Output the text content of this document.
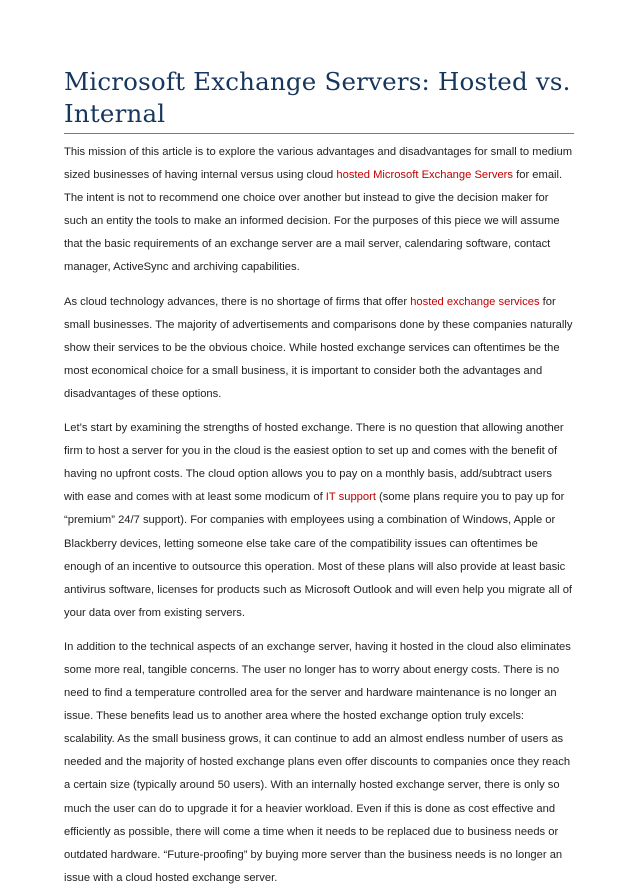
Microsoft Exchange Servers: Hosted vs. Internal

This mission of this article is to explore the various advantages and disadvantages for small to medium sized businesses of having internal versus using cloud hosted Microsoft Exchange Servers for email. The intent is not to recommend one choice over another but instead to give the decision maker for such an entity the tools to make an informed decision. For the purposes of this piece we will assume that the basic requirements of an exchange server are a mail server, calendaring software, contact manager, ActiveSync and archiving capabilities.

As cloud technology advances, there is no shortage of firms that offer hosted exchange services for small businesses. The majority of advertisements and comparisons done by these companies naturally show their services to be the obvious choice. While hosted exchange services can oftentimes be the most economical choice for a small business, it is important to consider both the advantages and disadvantages of these options.

Let’s start by examining the strengths of hosted exchange. There is no question that allowing another firm to host a server for you in the cloud is the easiest option to set up and comes with the benefit of having no upfront costs. The cloud option allows you to pay on a monthly basis, add/subtract users with ease and comes with at least some modicum of IT support (some plans require you to pay up for “premium” 24/7 support). For companies with employees using a combination of Windows, Apple or Blackberry devices, letting someone else take care of the compatibility issues can oftentimes be enough of an incentive to outsource this operation. Most of these plans will also provide at least basic antivirus software, licenses for products such as Microsoft Outlook and will even help you migrate all of your data over from existing servers.

In addition to the technical aspects of an exchange server, having it hosted in the cloud also eliminates some more real, tangible concerns. The user no longer has to worry about energy costs. There is no need to find a temperature controlled area for the server and hardware maintenance is no longer an issue. These benefits lead us to another area where the hosted exchange option truly excels: scalability. As the small business grows, it can continue to add an almost endless number of users as needed and the majority of hosted exchange plans even offer discounts to companies once they reach a certain size (typically around 50 users). With an internally hosted exchange server, there is only so much the user can do to upgrade it for a heavier workload. Even if this is done as cost effective and efficiently as possible, there will come a time when it needs to be replaced due to business needs or outdated hardware. “Future-proofing” by buying more server than the business needs is no longer an issue with a cloud hosted exchange server.
